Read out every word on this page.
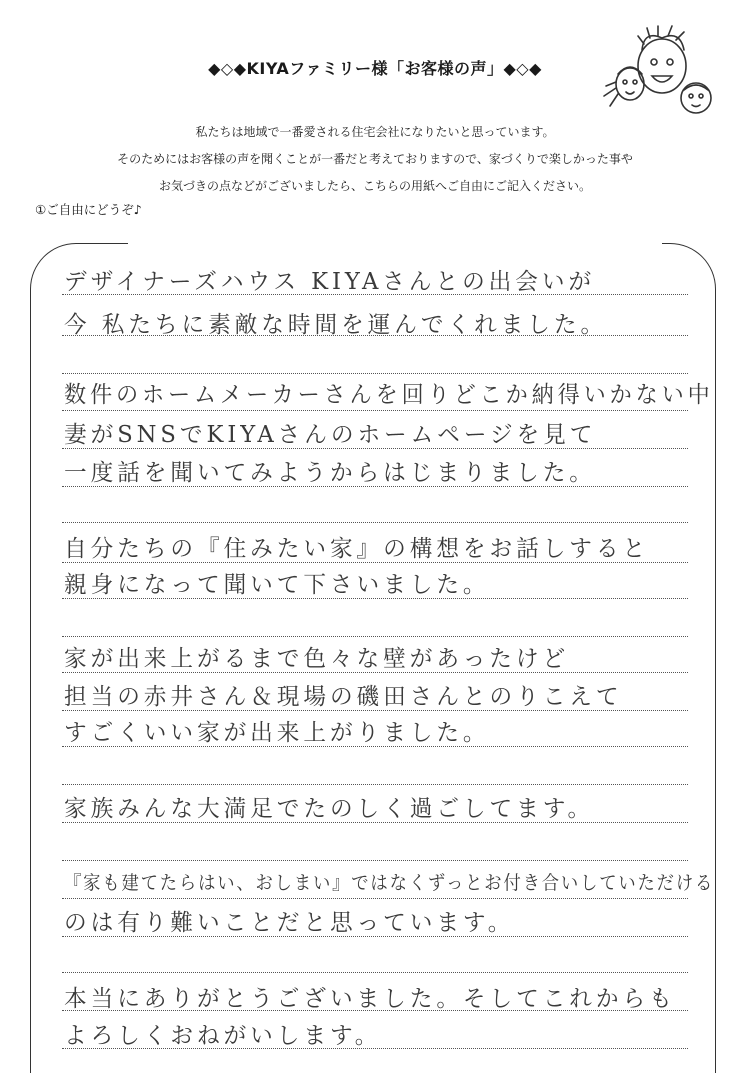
◆◇◆KIYAファミリー様「お客様の声」◆◇◆
私たちは地域で一番愛される住宅会社になりたいと思っています。
そのためにはお客様の声を聞くことが一番だと考えておりますので、家づくりで楽しかった事や
お気づきの点などがございましたら、こちらの用紙へご自由にご記入ください。
①ご自由にどうぞ♪
デザイナーズハウス KIYAさんとの出会いが
今 私たちに素敵な時間を運んでくれました。
数件のホームメーカーさんを回りどこか納得いかない中
妻がSNSでKIYAさんのホームページを見て
一度話を聞いてみようからはじまりました。
自分たちの『住みたい家』の構想をお話しすると
親身になって聞いて下さいました。
家が出来上がるまで色々な壁があったけど
担当の赤井さん＆現場の磯田さんとのりこえて
すごくいい家が出来上がりました。
家族みんな大満足でたのしく過ごしてます。
『家も建てたらはい、おしまい』ではなくずっとお付き合いしていただける
のは有り難いことだと思っています。
本当にありがとうございました。そしてこれからも
よろしくおねがいします。
